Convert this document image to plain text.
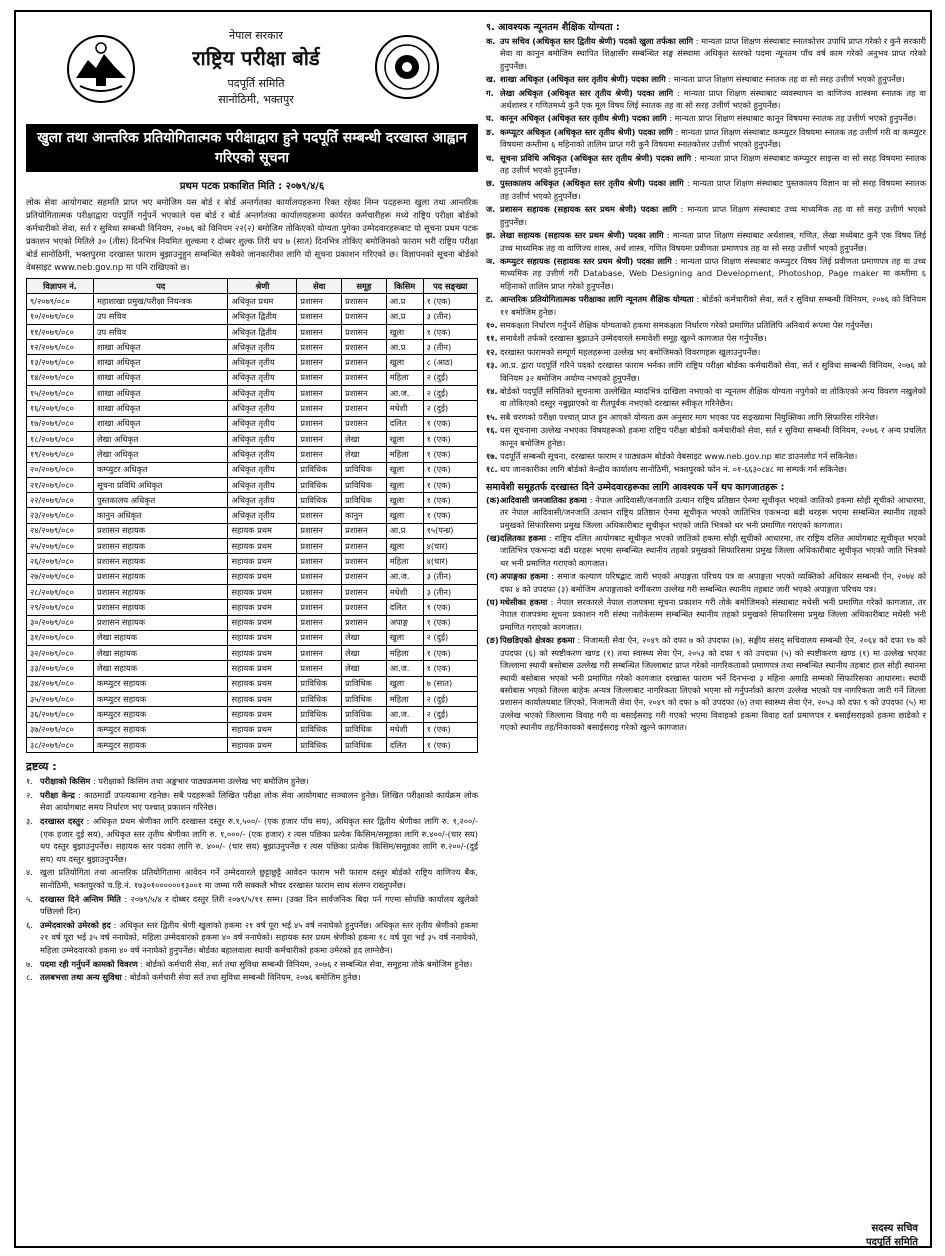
नेपाल सरकार
राष्ट्रिय परीक्षा बोर्ड
पदपूर्ति समिति
सानोठिमी, भक्तपुर
खुला तथा आन्तरिक प्रतियोगितात्मक परीक्षाद्वारा हुने पदपूर्ति सम्बन्धी दरखास्त आह्वान गरिएको सूचना
प्रथम पटक प्रकाशित मिति : २०७९/४/६
लोक सेवा आयोगबाट सहमति प्राप्त भए बमोजिम यस बोर्ड र बोर्ड अन्तर्गतका कार्यालयहरूमा रिक्त रहेका निम्न पदहरूमा खुला तथा आन्तरिक प्रतियोगितात्मक परीक्षाद्वारा पदपूर्ति गर्नुपर्ने भएकाले यस बोर्ड र बोर्ड अन्तर्गतका कार्यालयहरूमा कार्यरत कर्मचारीहरू मध्ये राष्ट्रिय परीक्षा बोर्डको कर्मचारीको सेवा, सर्त र सुविधा सम्बन्धी विनियम, २०७६ को विनियम २२(२) बमोजिम तोकिएको योग्यता पुगेका उम्मेदवारहरूबाट यो सूचना प्रथम पटक प्रकाशन भएको मितिले ३० (तीस) दिनभित्र नियमित शुल्कमा र दोब्बर शुल्क तिरी थप ७ (सात) दिनभित्र तोकिए बमोजिमको फाराम भरी राष्ट्रिय परीक्षा बोर्ड सानोठिमी, भक्तपुरमा दरखास्त फाराम बुझाउनुहुन सम्बन्धित सबैको जानकारीका लागि यो सूचना प्रकाशन गरिएको छ। विज्ञापनको सूचना बोर्डको वेबसाइट www.neb.gov.np मा पनि राखिएको छ।
विज्ञापन नं.	पद	श्रेणी	सेवा	समूह	किसिम	पद सङ्ख्या
९/२०७९/०८०	महाशाखा प्रमुख/परीक्षा नियन्त्रक	अधिकृत प्रथम	प्रशासन	प्रशासन	आ.प्र	१ (एक)
१०/२०७९/०८०	उप सचिव	अधिकृत द्वितीय	प्रशासन	प्रशासन	आ.प्र	३ (तीन)
११/२०७९/०८०	उप सचिव	अधिकृत द्वितीय	प्रशासन	प्रशासन	खुला	१ (एक)
१२/२०७९/०८०	शाखा अधिकृत	अधिकृत तृतीय	प्रशासन	प्रशासन	आ.प्र	३ (तीन)
१३/२०७९/०८०	शाखा अधिकृत	अधिकृत तृतीय	प्रशासन	प्रशासन	खुला	८ (आठ)
१४/२०७९/०८०	शाखा अधिकृत	अधिकृत तृतीय	प्रशासन	प्रशासन	महिला	२ (दुई)
१५/२०७९/०८०	शाखा अधिकृत	अधिकृत तृतीय	प्रशासन	प्रशासन	आ.ज.	२ (दुई)
१६/२०७९/०८०	शाखा अधिकृत	अधिकृत तृतीय	प्रशासन	प्रशासन	मधेशी	२ (दुई)
१७/२०७९/०८०	शाखा अधिकृत	अधिकृत तृतीय	प्रशासन	प्रशासन	दलित	१ (एक)
१८/२०७९/०८०	लेखा अधिकृत	अधिकृत तृतीय	प्रशासन	लेखा	खुला	१ (एक)
१९/२०७९/०८०	लेखा अधिकृत	अधिकृत तृतीय	प्रशासन	लेखा	महिला	१ (एक)
२०/२०७९/०८०	कम्प्युटर अधिकृत	अधिकृत तृतीय	प्राविधिक	प्राविधिक	खुला	१ (एक)
२१/२०७९/०८०	सूचना प्रविधि अधिकृत	अधिकृत तृतीय	प्राविधिक	प्राविधिक	खुला	१ (एक)
२२/२०७९/०८०	पुस्तकालय अधिकृत	अधिकृत तृतीय	प्राविधिक	प्राविधिक	खुला	१ (एक)
२३/२०७९/०८०	कानुन अधिकृत	अधिकृत तृतीय	प्रशासन	कानुन	खुला	१ (एक)
२४/२०७९/०८०	प्रशासन सहायक	सहायक प्रथम	प्रशासन	प्रशासन	आ.प्र	१५(पन्ध्र)
२५/२०७९/०८०	प्रशासन सहायक	सहायक प्रथम	प्रशासन	प्रशासन	खुला	४(चार)
२६/२०७९/०८०	प्रशासन सहायक	सहायक प्रथम	प्रशासन	प्रशासन	महिला	४(चार)
२७/२०७९/०८०	प्रशासन सहायक	सहायक प्रथम	प्रशासन	प्रशासन	आ.ज.	३ (तीन)
२८/२०७९/०८०	प्रशासन सहायक	सहायक प्रथम	प्रशासन	प्रशासन	मधेशी	३ (तीन)
२९/२०७९/०८०	प्रशासन सहायक	सहायक प्रथम	प्रशासन	प्रशासन	दलित	१ (एक)
३०/२०७९/०८०	प्रशासन सहायक	सहायक प्रथम	प्रशासन	प्रशासन	अपाङ्ग	१ (एक)
३१/२०७९/०८०	लेखा सहायक	सहायक प्रथम	प्रशासन	लेखा	खुला	२ (दुई)
३२/२०७९/०८०	लेखा सहायक	सहायक प्रथम	प्रशासन	लेखा	महिला	१ (एक)
३३/२०७९/०८०	लेखा सहायक	सहायक प्रथम	प्रशासन	लेखा	आ.ज.	१ (एक)
३४/२०७९/०८०	कम्प्युटर सहायक	सहायक प्रथम	प्राविधिक	प्राविधिक	खुला	७ (सात)
३५/२०७९/०८०	कम्प्युटर सहायक	सहायक प्रथम	प्राविधिक	प्राविधिक	महिला	२ (दुई)
३६/२०७९/०८०	कम्प्युटर सहायक	सहायक प्रथम	प्राविधिक	प्राविधिक	आ.ज.	२ (दुई)
३७/२०७९/०८०	कम्प्युटर सहायक	सहायक प्रथम	प्राविधिक	प्राविधिक	मधेशी	१ (एक)
३८/२०७९/०८०	कम्प्युटर सहायक	सहायक प्रथम	प्राविधिक	प्राविधिक	दलित	१ (एक)
द्रष्टव्य :
१. परीक्षाको किसिम : परीक्षाको किसिम तथा अङ्कभार पाठ्यक्रममा उल्लेख भए बमोजिम हुनेछ।
२. परीक्षा केन्द्र : काठमाडौं उपत्यकामा रहनेछ। सबै पदहरूको लिखित परीक्षा लोक सेवा आयोगबाट सञ्चालन हुनेछ। लिखित परीक्षाको कार्यक्रम लोक सेवा आयोगबाट समय निर्धारण भए पश्चात् प्रकाशन गरिनेछ।
३. दरखास्त दस्तुर : अधिकृत प्रथम श्रेणीका लागि दरखास्त दस्तुर रु.१,५००/- (एक हजार पाँच सय), अधिकृत स्तर द्वितीय श्रेणीका लागि रु. १,२००/- (एक हजार दुई सय), अधिकृत स्तर तृतीय श्रेणीका लागि रु. १,०००/- (एक हजार) र त्यस पछिका प्रत्येक किसिम/समूहका लागि रु.४००/-(चार सय) थप दस्तुर बुझाउनुपर्नेछ। सहायक स्तर पदका लागि रु. ४००/- (चार सय) बुझाउनुपर्नेछ र त्यस पछिका प्रत्येक किसिम/समूहका लागि रु.२००/-(दुई सय) थप दस्तुर बुझाउनुपर्नेछ।
४. खुला प्रतियोगिता तथा आन्तरिक प्रतियोगितामा आवेदन गर्ने उम्मेदवारले छुट्टाछुट्टै आवेदन फाराम भरी फाराम दस्तुर बोर्डको राष्ट्रिय वाणिज्य बैंक, सानोठिमी, भक्तपुरको च.हि.नं. १७३०१००००००१३००१ मा जम्मा गरी सक्कलै भौचर दरखास्त फाराम साथ संलग्न राख्नुपर्नेछ।
५. दरखास्त दिने अन्तिम मिति : २०७९/५/४ र दोब्बर दस्तुर तिरी २०७९/५/११ सम्म। (उक्त दिन सार्वजनिक बिदा पर्न गएमा सोपछि कार्यालय खुलेको पछिल्लो दिन)
६. उम्मेदवारको उमेरको हद : अधिकृत स्तर द्वितीय श्रेणी खुलाको हकमा २१ वर्ष पूरा भई ४५ वर्ष ननाघेको हुनुपर्नेछ। अधिकृत स्तर तृतीय श्रेणीको हकमा २१ वर्ष पूरा भई ३५ वर्ष ननाघेको, महिला उम्मेदवारको हकमा ४० वर्ष ननाघेको। सहायक स्तर प्रथम श्रेणीको हकमा १८ वर्ष पूरा भई ३५ वर्ष ननाघेको, महिला उम्मेदवारको हकमा ४० वर्ष ननाघेको हुनुपर्नेछ। बोर्डका बहालवाला स्थायी कर्मचारीको हकमा उमेरको हद लाग्नेछैन।
७. पदमा रही गर्नुपर्ने कामको विवरण : बोर्डको कर्मचारी सेवा, सर्त तथा सुविधा सम्बन्धी विनियम, २०७६ र सम्बन्धित सेवा, समूहमा तोके बमोजिम हुनेछ।
८. तलबभत्ता तथा अन्य सुविधा : बोर्डको कर्मचारी सेवा सर्त तथा सुविधा सम्बन्धी विनियम, २०७६ बमोजिम हुनेछ।
९. आवश्यक न्यूनतम शैक्षिक योग्यता :
क. उप सचिव (अधिकृत स्तर द्वितीय श्रेणी) पदको खुला तर्फका लागि : मान्यता प्राप्त शिक्षण संस्थाबाट स्नातकोत्तर उपाधि प्राप्त गरेको र कुनै सरकारी सेवा वा कानुन बमोजिम स्थापित शिक्षासँग सम्बन्धित सङ्घ संस्थामा अधिकृत स्तरको पदमा न्यूनतम पाँच वर्ष काम गरेको अनुभव प्राप्त गरेको हुनुपर्नेछ।
ख. शाखा अधिकृत (अधिकृत स्तर तृतीय श्रेणी) पदका लागि : मान्यता प्राप्त शिक्षण संस्थाबाट स्नातक तह वा सो सरह उत्तीर्ण भएको हुनुपर्नेछ।
ग. लेखा अधिकृत (अधिकृत स्तर तृतीय श्रेणी) पदका लागि : मान्यता प्राप्त शिक्षण संस्थाबाट व्यवस्थापन वा वाणिज्य शास्त्रमा स्नातक तह वा अर्थशास्त्र र गणितमध्ये कुनै एक मूल विषय लिई स्नातक तह वा सो सरह उत्तीर्ण भएको हुनुपर्नेछ।
घ. कानून अधिकृत (अधिकृत स्तर तृतीय श्रेणी) पदका लागि : मान्यता प्राप्त शिक्षण संस्थाबाट कानून विषयमा स्नातक तह उत्तीर्ण भएको हुनुपर्नेछ।
ङ. कम्प्यूटर अधिकृत (अधिकृत स्तर तृतीय श्रेणी) पदका लागि : मान्यता प्राप्त शिक्षण संस्थाबाट कम्प्युटर विषयमा स्नातक तह उत्तीर्ण गरी वा कम्प्युटर विषयमा कम्तीमा ६ महिनाको तालिम प्राप्त गरी कुनै विषयमा स्नातकोत्तर उत्तीर्ण भएको हुनुपर्नेछ।
च. सूचना प्रविधि अधिकृत (अधिकृत स्तर तृतीय श्रेणी) पदका लागि : मान्यता प्राप्त शिक्षण संस्थाबाट कम्प्युटर साइन्स वा सो सरह विषयमा स्नातक तह उत्तीर्ण भएको हुनुपर्नेछ।
छ. पुस्तकालय अधिकृत (अधिकृत स्तर तृतीय श्रेणी) पदका लागि : मान्यता प्राप्त शिक्षण संस्थाबाट पुस्तकालय विज्ञान वा सो सरह विषयमा स्नातक तह उत्तीर्ण भएको हुनुपर्नेछ।
ज. प्रशासन सहायक (सहायक स्तर प्रथम श्रेणी) पदका लागि : मान्यता प्राप्त शिक्षण संस्थाबाट उच्च माध्यमिक तह वा सो सरह उत्तीर्ण भएको हुनुपर्नेछ।
झ. लेखा सहायक (सहायक स्तर प्रथम श्रेणी) पदका लागि : मान्यता प्राप्त शिक्षण संस्थाबाट अर्थशास्त्र, गणित, लेखा मध्येबाट कुनै एक विषय लिई उच्च माध्यमिक तह वा वाणिज्य शास्त्र, अर्थ शास्त्र, गणित विषयमा प्रवीणता प्रमाणपत्र तह वा सो सरह उत्तीर्ण भएको हुनुपर्नेछ।
ञ. कम्प्युटर सहायक (सहायक स्तर प्रथम श्रेणी) पदका लागि : मान्यता प्राप्त शिक्षण संस्थाबाट कम्प्युटर विषय लिई प्रवीणता प्रमाणपत्र तह वा उच्च माध्यमिक तह उत्तीर्ण गरी Database, Web Designing and Development, Photoshop, Page maker मा कम्तीमा ६ महिनाको तालिम प्राप्त गरेको हुनुपर्नेछ।
ट. आन्तरिक प्रतियोगितात्मक परीक्षाका लागि न्यूनतम शैक्षिक योग्यता : बोर्डको कर्मचारीको सेवा, सर्त र सुविधा सम्बन्धी विनियम, २०७६ को विनियम ११ बमोजिम हुनेछ।
१०. समकक्षता निर्धारण गर्नुपर्ने शैक्षिक योग्यताको हकमा समकक्षता निर्धारण गरेको प्रमाणित प्रतिलिपि अनिवार्य रूपमा पेस गर्नुपर्नेछ।
११. समावेशी तर्फको दरखास्त बुझाउने उम्मेदवारले समावेशी समूह खुल्ने कागजात पेस गर्नुपर्नेछ।
१२. दरखास्त फारामको सम्पूर्ण महलहरूमा उल्लेख भए बमोजिमको विवरणहरू खुलाउनुपर्नेछ।
१३. आ.प्र. द्वारा पदपूर्ति गरिने पदको दरखास्त फाराम भर्नका लागि राष्ट्रिय परीक्षा बोर्डका कर्मचारीको सेवा, सर्त र सुविधा सम्बन्धी विनियम, २०७६ को विनियम ३२ बमोजिम अयोग्य नभएको हुनुपर्नेछ।
१४. बोर्डको पदपूर्ति समितिको सूचनामा उल्लेखित म्यादभित्र दाखिला नभएको वा न्यूनतम शैक्षिक योग्यता नपुगेको वा तोकिएको अन्य विवरण नखुलेको वा तोकिएको दस्तुर नबुझाएको वा रीतपूर्वक नभएको दरखास्त स्वीकृत गरिनेछैन।
१५. सबै चरणको परीक्षा पश्चात् प्राप्त हुन आएको योग्यता क्रम अनुसार माग भएका पद सङ्ख्यामा नियुक्तिका लागि सिफारिस गरिनेछ।
१६. यस सूचनामा उल्लेख नभएका विषयहरूको हकमा राष्ट्रिय परीक्षा बोर्डको कर्मचारीको सेवा, सर्त र सुविधा सम्बन्धी विनियम, २०७६ र अन्य प्रचलित कानून बमोजिम हुनेछ।
१७. पदपूर्ति सम्बन्धी सूचना, दरखास्त फाराम र पाठ्यक्रम बोर्डको वेबसाइट www.neb.gov.np बाट डाउनलोड गर्न सकिनेछ।
१८. थप जानकारीका लागि बोर्डको केन्द्रीय कार्यालय सानोठिमी, भक्तपुरको फोन नं. ०१-६६३०८४८ मा सम्पर्क गर्न सकिनेछ।
समावेशी समूहतर्फ दरखास्त दिने उम्मेदवारहरूका लागि आवश्यक पर्ने थप कागजातहरू :
(क) आदिवासी जनजातिका हकमा : नेपाल आदिवासी/जनजाति उत्थान राष्ट्रिय प्रतिष्ठान ऐनमा सूचीकृत भएको जातिको हकमा सोही सूचीको आधारमा, तर नेपाल आदिवासी/जनजाति उत्थान राष्ट्रिय प्रतिष्ठान ऐनमा सूचीकृत भएको जातिभित्र एकभन्दा बढी थरहरू भएमा सम्बन्धित स्थानीय तहको प्रमुखको सिफारिसमा प्रमुख जिल्ला अधिकारीबाट सूचीकृत भएको जाति भित्रको थर भनी प्रमाणित गराएको कागजात।
(ख) दलितका हकमा : राष्ट्रिय दलित आयोगबाट सूचीकृत भएको जातिको हकमा सोही सूचीको आधारमा, तर राष्ट्रिय दलित आयोगबाट सूचीकृत भएको जातिभित्र एकभन्दा बढी थरहरू भएमा सम्बन्धित स्थानीय तहको प्रमुखको सिफारिसमा प्रमुख जिल्ला अधिकारीबाट सूचीकृत भएको जाति भित्रको थर भनी प्रमाणित गराएको कागजात।
(ग) अपाङ्गका हकमा : समाज कल्याण परिषद्बाट जारी भएको अपाङ्गता परिचय पत्र वा अपाङ्गता भएको व्यक्तिको अधिकार सम्बन्धी ऐन, २०७४ को दफा ४ को उपदफा (३) बमोजिम अपाङ्गताको वर्गीकरण उल्लेख गरी सम्बन्धित स्थानीय तहबाट जारी भएको अपाङ्गता परिचय पत्र।
(घ) मधेसीका हकमा : नेपाल सरकारले नेपाल राजपत्रमा सूचना प्रकाशन गरी तोके बमोजिमको संस्थाबाट मधेसी भनी प्रमाणित गरेको कागजात, तर नेपाल राजपत्रमा सूचना प्रकाशन गरी संस्था नतोकेसम्म सम्बन्धित स्थानीय तहको प्रमुखको सिफारिसमा प्रमुख जिल्ला अधिकारीबाट मधेसी भनी प्रमाणित गराएको कागजात।
(ङ) पिछडिएको क्षेत्रका हकमा : निजामती सेवा ऐन, २०४९ को दफा ७ को उपदफा (७), सङ्घीय संसद् सचिवालय सम्बन्धी ऐन, २०६४ को दफा १७ को उपदफा (६) को स्पष्टीकरण खण्ड (१) तथा स्वास्थ्य सेवा ऐन, २०५३ को दफा ९ को उपदफा (५) को स्पष्टीकरण खण्ड (१) मा उल्लेख भएका जिल्लामा स्थायी बसोबास उल्लेख गरी सम्बन्धित जिल्लाबाट प्राप्त गरेको नागरिकताको प्रमाणपत्र तथा सम्बन्धित स्थानीय तहबाट हाल सोही स्थानमा स्थायी बसोबास भएको भनी प्रमाणित गरेको कागजात दरखास्त फाराम भर्ने दिनभन्दा ३ महिना अगाडि सम्मको सिफारिसका आधारमा। स्थायी बसोबास भएको जिल्ला बाहेक अन्यत्र जिल्लाबाट नागरिकता लिएको भएमा सो गर्नुपर्नाको कारण उल्लेख भएको पत्र नागरिकता जारी गर्ने जिल्ला प्रशासन कार्यालयबाट लिएको, निजामती सेवा ऐन, २०४९ को दफा ७ को उपदफा (७) तथा स्वास्थ्य सेवा ऐन, २०५३ को दफा ९ को उपदफा (५) मा उल्लेख भएको जिल्लामा विवाह गरी वा बसाईसराइ गरी गएको भएमा विवाहको हकमा विवाह दर्ता प्रमाणपत्र र बसाईसराइको हकमा छाडेको र गएको स्थानीय तह/निकायको बसाईसराइ गरेको खुल्ने कागजात।
सदस्य सचिव
पदपूर्ति समिति
